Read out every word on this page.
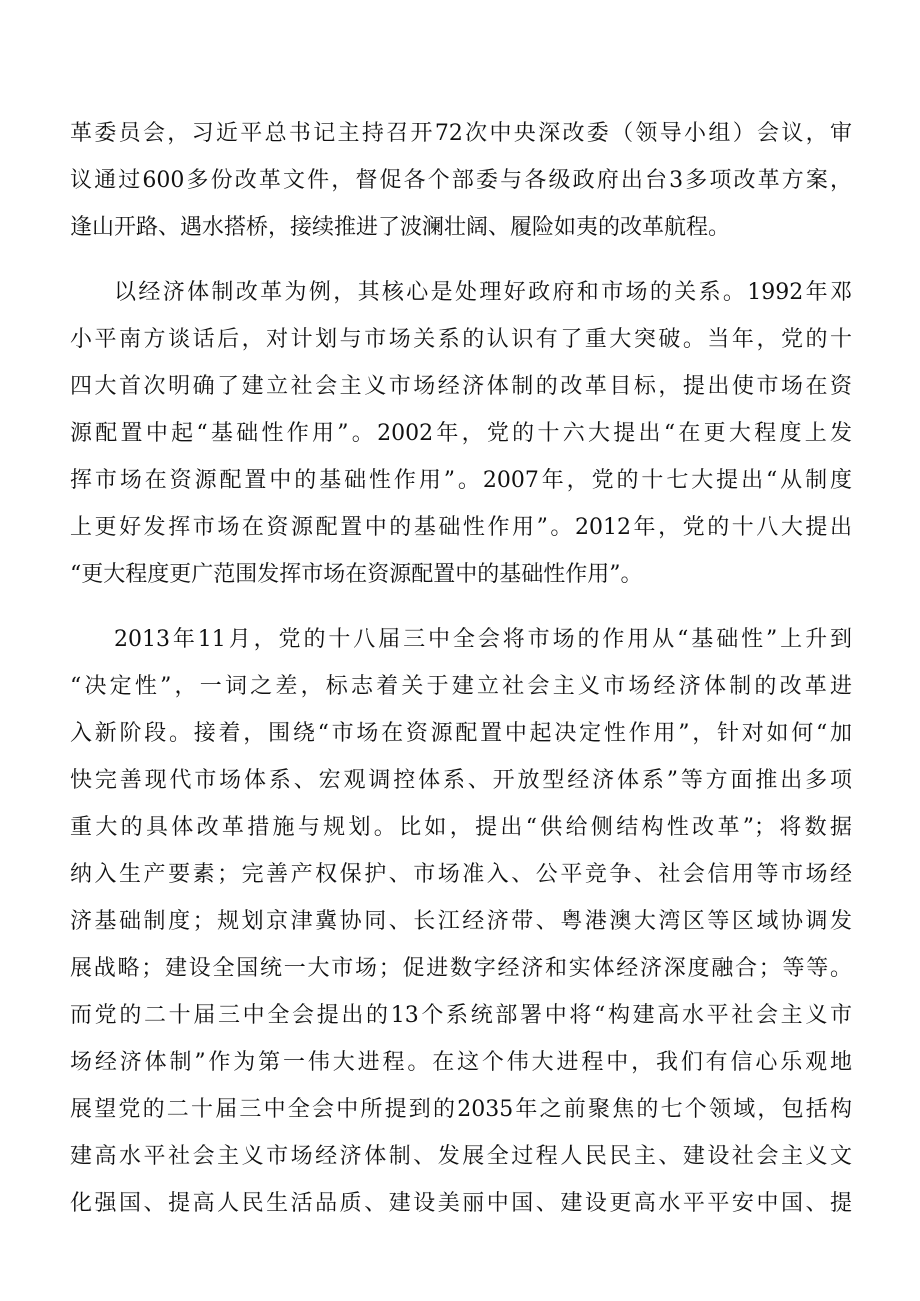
革委员会，习近平总书记主持召开72次中央深改委（领导小组）会议，审
议通过600多份改革文件，督促各个部委与各级政府出台3多项改革方案，
逢山开路、遇水搭桥，接续推进了波澜壮阔、履险如夷的改革航程。
以经济体制改革为例，其核心是处理好政府和市场的关系。1992年邓
小平南方谈话后，对计划与市场关系的认识有了重大突破。当年，党的十
四大首次明确了建立社会主义市场经济体制的改革目标，提出使市场在资
源配置中起“基础性作用”。2002年，党的十六大提出“在更大程度上发
挥市场在资源配置中的基础性作用”。2007年，党的十七大提出“从制度
上更好发挥市场在资源配置中的基础性作用”。2012年，党的十八大提出
“更大程度更广范围发挥市场在资源配置中的基础性作用”。
2013年11月，党的十八届三中全会将市场的作用从“基础性”上升到
“决定性”，一词之差，标志着关于建立社会主义市场经济体制的改革进
入新阶段。接着，围绕“市场在资源配置中起决定性作用”，针对如何“加
快完善现代市场体系、宏观调控体系、开放型经济体系”等方面推出多项
重大的具体改革措施与规划。比如，提出“供给侧结构性改革”；将数据
纳入生产要素；完善产权保护、市场准入、公平竞争、社会信用等市场经
济基础制度；规划京津冀协同、长江经济带、粤港澳大湾区等区域协调发
展战略；建设全国统一大市场；促进数字经济和实体经济深度融合；等等。
而党的二十届三中全会提出的13个系统部署中将“构建高水平社会主义市
场经济体制”作为第一伟大进程。在这个伟大进程中，我们有信心乐观地
展望党的二十届三中全会中所提到的2035年之前聚焦的七个领域，包括构
建高水平社会主义市场经济体制、发展全过程人民民主、建设社会主义文
化强国、提高人民生活品质、建设美丽中国、建设更高水平平安中国、提
